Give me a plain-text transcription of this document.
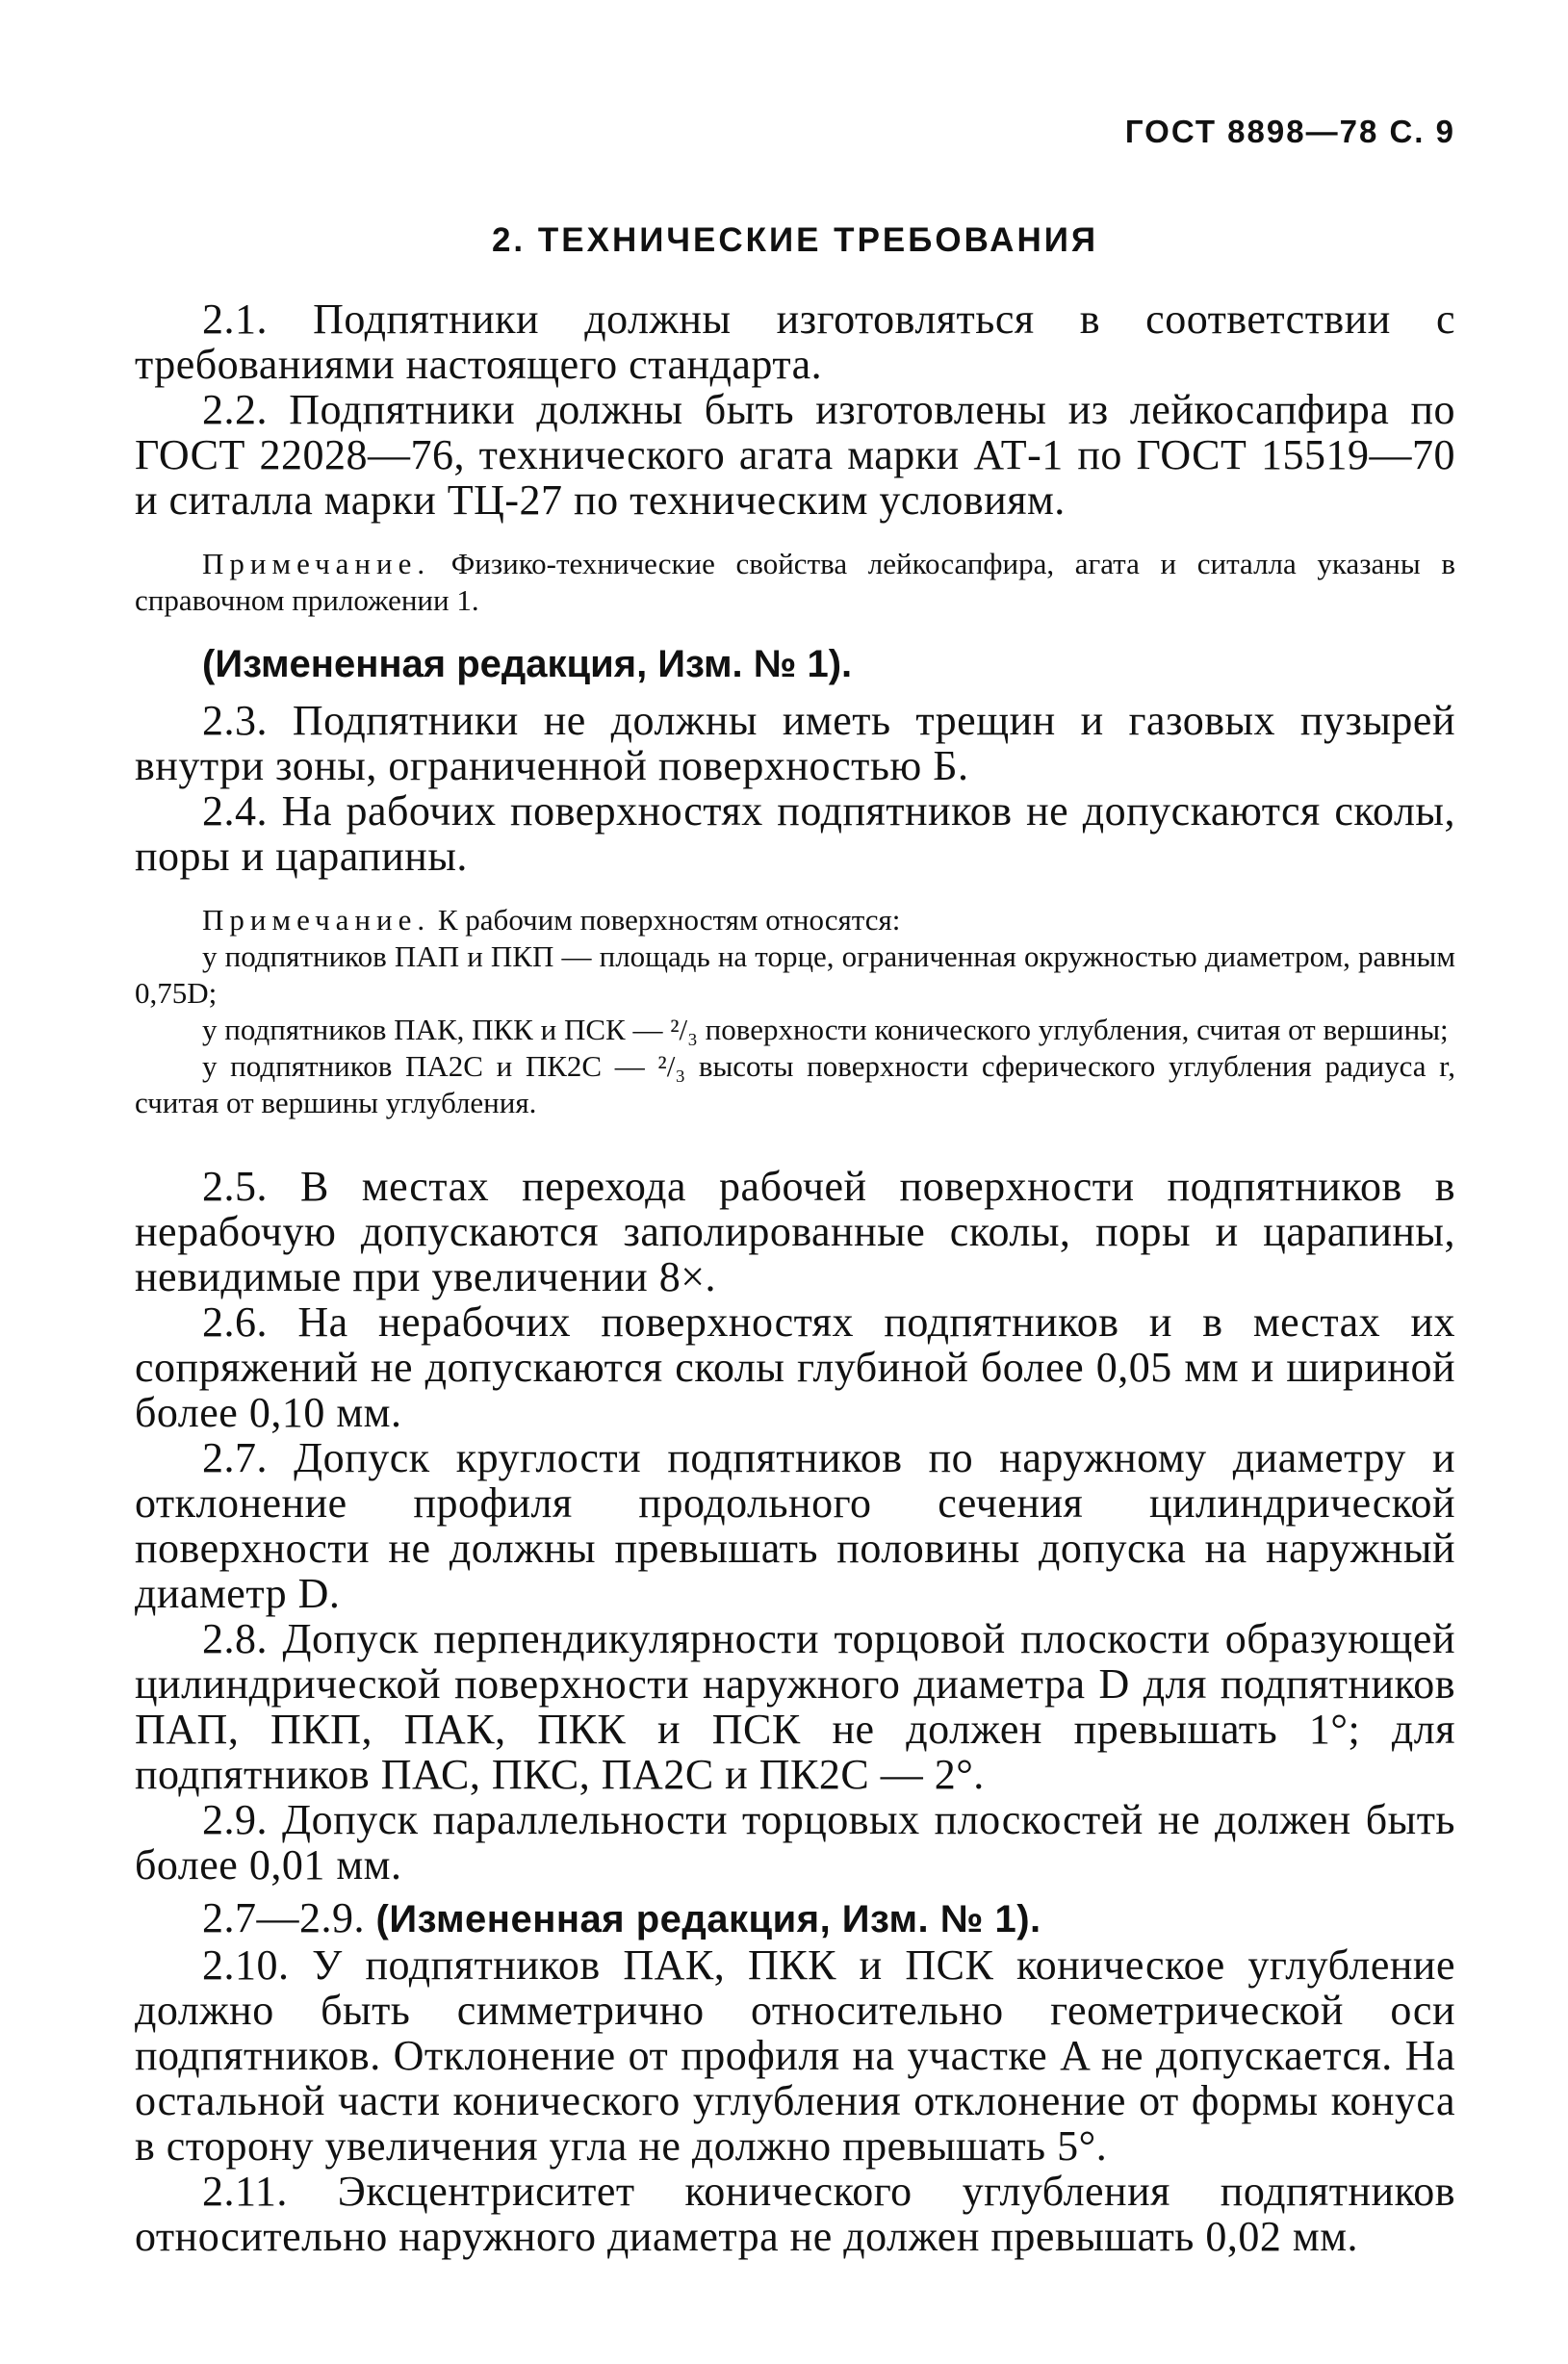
ГОСТ 8898—78 С. 9
2. ТЕХНИЧЕСКИЕ ТРЕБОВАНИЯ

2.1. Подпятники должны изготовляться в соответствии с требованиями настоящего стандарта.

2.2. Подпятники должны быть изготовлены из лейкосапфира по ГОСТ 22028—76, технического агата марки АТ-1 по ГОСТ 15519—70 и ситалла марки ТЦ-27 по техническим условиям.

Примечание. Физико-технические свойства лейкосапфира, агата и ситалла указаны в справочном приложении 1.

(Измененная редакция, Изм. № 1).

2.3. Подпятники не должны иметь трещин и газовых пузырей внутри зоны, ограниченной поверхностью Б.

2.4. На рабочих поверхностях подпятников не допускаются сколы, поры и царапины.

Примечание. К рабочим поверхностям относятся:

у подпятников ПАП и ПКП — площадь на торце, ограниченная окружностью диаметром, равным 0,75D;

у подпятников ПАК, ПКК и ПСК — ²/₃ поверхности конического углубления, считая от вершины;

у подпятников ПА2С и ПК2С — ²/₃ высоты поверхности сферического углубления радиуса r, считая от вершины углубления.

2.5. В местах перехода рабочей поверхности подпятников в нерабочую допускаются заполированные сколы, поры и царапины, невидимые при увеличении 8×.

2.6. На нерабочих поверхностях подпятников и в местах их сопряжений не допускаются сколы глубиной более 0,05 мм и шириной более 0,10 мм.

2.7. Допуск круглости подпятников по наружному диаметру и отклонение профиля продольного сечения цилиндрической поверхности не должны превышать половины допуска на наружный диаметр D.

2.8. Допуск перпендикулярности торцовой плоскости образующей цилиндрической поверхности наружного диаметра D для подпятников ПАП, ПКП, ПАК, ПКК и ПСК не должен превышать 1°; для подпятников ПАС, ПКС, ПА2С и ПК2С — 2°.

2.9. Допуск параллельности торцовых плоскостей не должен быть более 0,01 мм.

2.7—2.9. (Измененная редакция, Изм. № 1).

2.10. У подпятников ПАК, ПКК и ПСК коническое углубление должно быть симметрично относительно геометрической оси подпятников. Отклонение от профиля на участке A не допускается. На остальной части конического углубления отклонение от формы конуса в сторону увеличения угла не должно превышать 5°.

2.11. Эксцентриситет конического углубления подпятников относительно наружного диаметра не должен превышать 0,02 мм.
